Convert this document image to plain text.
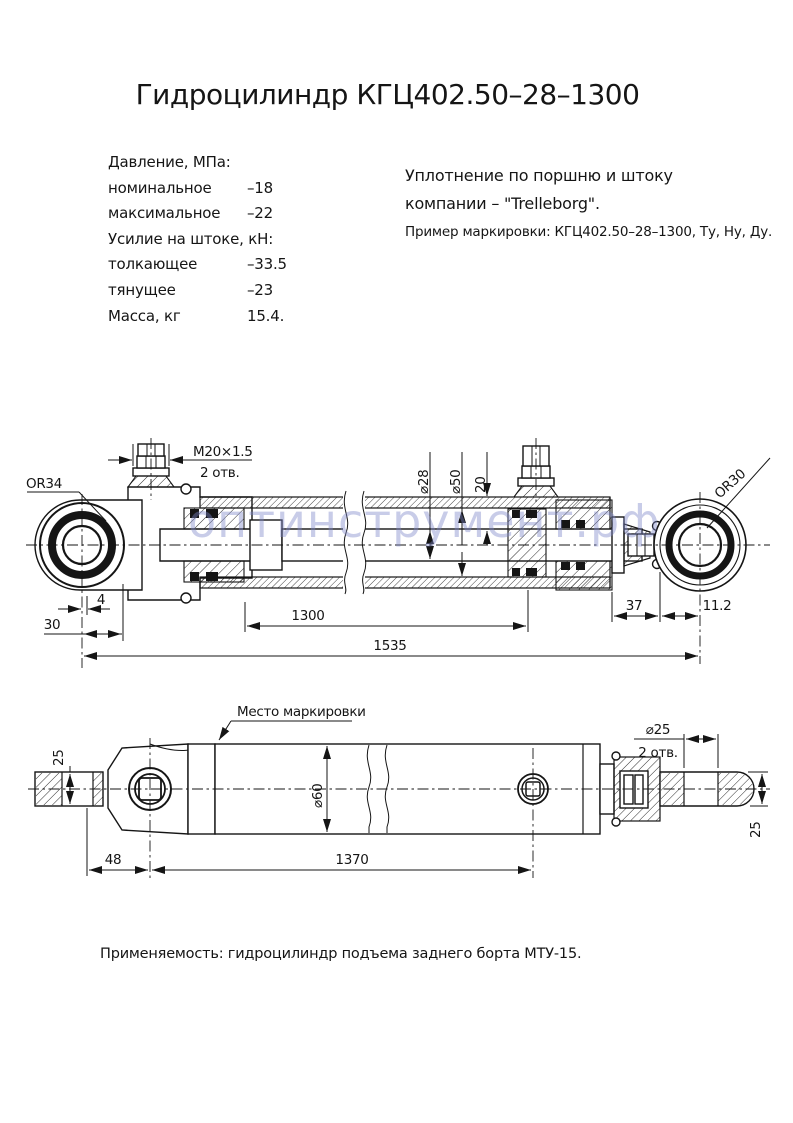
Гидроцилиндр КГЦ402.50–28–1300
Давление, МПа:
номинальное	–18
максимальное	–22
Усилие на штоке, кН:
толкающее	–33.5
тянущее	–23
Масса, кг	15.4.
Уплотнение по поршню и штоку
компании – "Trelleborg".
Пример маркировки: КГЦ402.50–28–1300, Ту, Ну, Ду.
оптинструмент.рф
M20×1.5
2 отв.	⌀28 ⌀50 20
OR34	OR30
4
30
1300
37	11.2
1535
Место маркировки
⌀60
25
⌀25
2 отв.
25
48	1370
Применяемость: гидроцилиндр подъема заднего борта МТУ-15.
